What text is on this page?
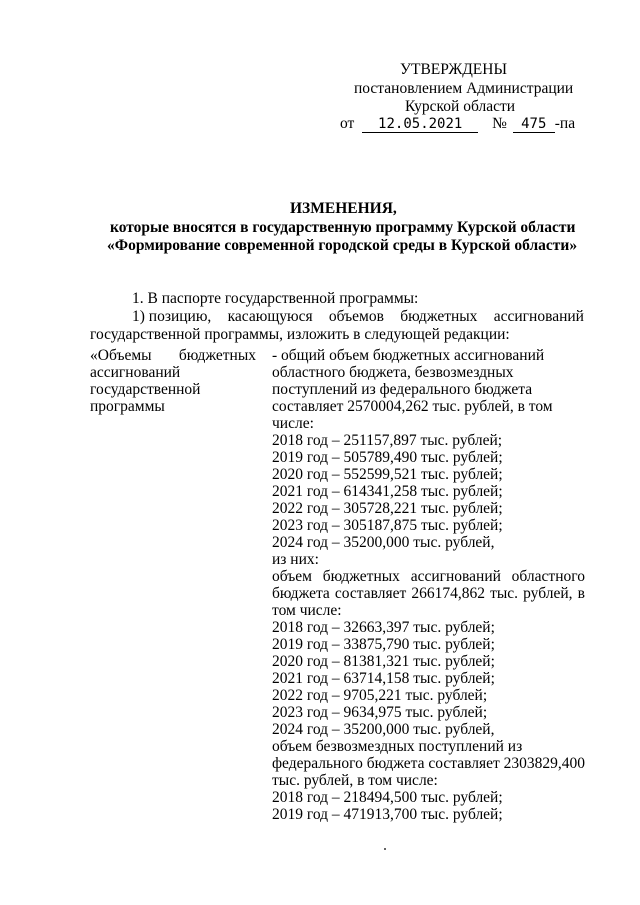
УТВЕРЖДЕНЫ
постановлением Администрации
Курской области
от 12.05.2021 № 475 -па
ИЗМЕНЕНИЯ,
которые вносятся в государственную программу Курской области
«Формирование современной городской среды в Курской области»
1. В паспорте государственной программы:
1) позицию, касающуюся объемов бюджетных ассигнований
государственной программы, изложить в следующей редакции:
«Объемы бюджетных
ассигнований
государственной
программы
- общий объем бюджетных ассигнований
областного бюджета, безвозмездных
поступлений из федерального бюджета
составляет 2570004,262 тыс. рублей, в том
числе:
2018 год – 251157,897 тыс. рублей;
2019 год – 505789,490 тыс. рублей;
2020 год – 552599,521 тыс. рублей;
2021 год – 614341,258 тыс. рублей;
2022 год – 305728,221 тыс. рублей;
2023 год – 305187,875 тыс. рублей;
2024 год – 35200,000 тыс. рублей,
из них:
объем бюджетных ассигнований областного
бюджета составляет 266174,862 тыс. рублей, в
том числе:
2018 год – 32663,397 тыс. рублей;
2019 год – 33875,790 тыс. рублей;
2020 год – 81381,321 тыс. рублей;
2021 год – 63714,158 тыс. рублей;
2022 год – 9705,221 тыс. рублей;
2023 год – 9634,975 тыс. рублей;
2024 год – 35200,000 тыс. рублей,
объем безвозмездных поступлений из
федерального бюджета составляет 2303829,400
тыс. рублей, в том числе:
2018 год – 218494,500 тыс. рублей;
2019 год – 471913,700 тыс. рублей;
